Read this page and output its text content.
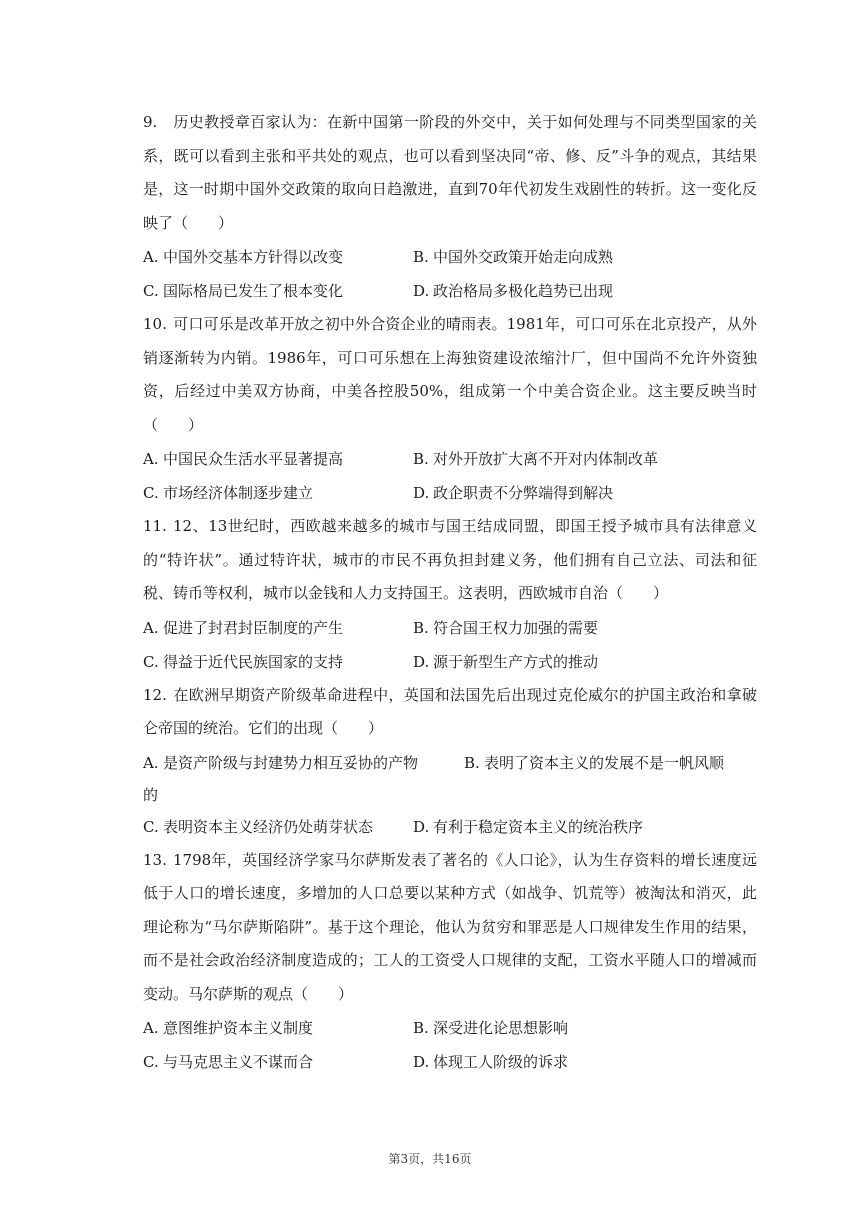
9. 历史教授章百家认为：在新中国第一阶段的外交中，关于如何处理与不同类型国家的关系，既可以看到主张和平共处的观点，也可以看到坚决同“帝、修、反”斗争的观点，其结果是，这一时期中国外交政策的取向日趋激进，直到70年代初发生戏剧性的转折。这一变化反映了（　　）

A. 中国外交基本方针得以改变	B. 中国外交政策开始走向成熟
C. 国际格局已发生了根本变化	D. 政治格局多极化趋势已出现

10. 可口可乐是改革开放之初中外合资企业的晴雨表。1981年，可口可乐在北京投产，从外销逐渐转为内销。1986年，可口可乐想在上海独资建设浓缩汁厂，但中国尚不允许外资独资，后经过中美双方协商，中美各控股50%，组成第一个中美合资企业。这主要反映当时（　　）

A. 中国民众生活水平显著提高	B. 对外开放扩大离不开对内体制改革
C. 市场经济体制逐步建立	D. 政企职责不分弊端得到解决

11. 12、13世纪时，西欧越来越多的城市与国王结成同盟，即国王授予城市具有法律意义的“特许状”。通过特许状，城市的市民不再负担封建义务，他们拥有自己立法、司法和征税、铸币等权利，城市以金钱和人力支持国王。这表明，西欧城市自治（　　）

A. 促进了封君封臣制度的产生	B. 符合国王权力加强的需要
C. 得益于近代民族国家的支持	D. 源于新型生产方式的推动

12. 在欧洲早期资产阶级革命进程中，英国和法国先后出现过克伦威尔的护国主政治和拿破仑帝国的统治。它们的出现（　　）

A. 是资产阶级与封建势力相互妥协的产物	B. 表明了资本主义的发展不是一帆风顺
的
C. 表明资本主义经济仍处萌芽状态	D. 有利于稳定资本主义的统治秩序

13. 1798年，英国经济学家马尔萨斯发表了著名的《人口论》，认为生存资料的增长速度远低于人口的增长速度，多增加的人口总要以某种方式（如战争、饥荒等）被淘汰和消灭，此理论称为“马尔萨斯陷阱”。基于这个理论，他认为贫穷和罪恶是人口规律发生作用的结果，而不是社会政治经济制度造成的；工人的工资受人口规律的支配，工资水平随人口的增减而变动。马尔萨斯的观点（　　）

A. 意图维护资本主义制度	B. 深受进化论思想影响
C. 与马克思主义不谋而合	D. 体现工人阶级的诉求
第3页，共16页
